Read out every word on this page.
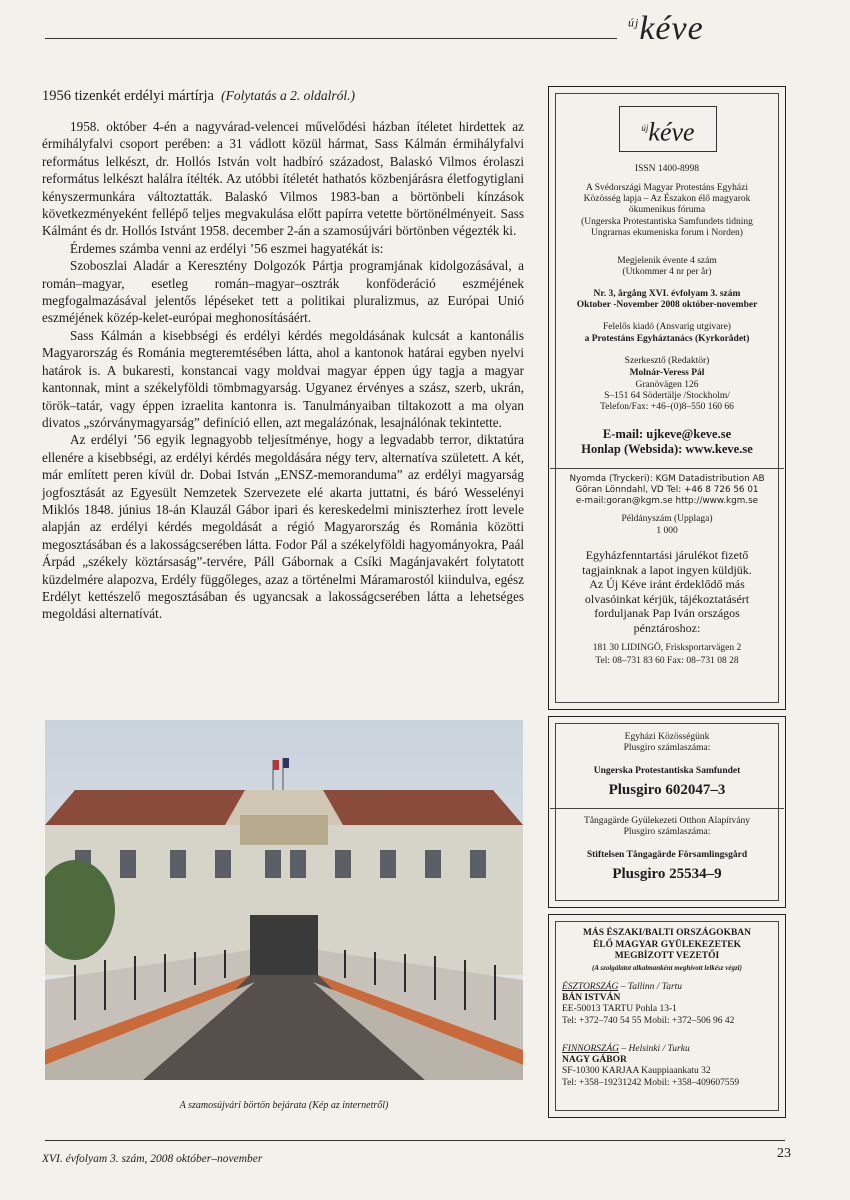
$^{új}$kéve
1956 tizenkét erdélyi mártírja (Folytatás a 2. oldalról.)

1958. október 4-én a nagyvárad-velencei művelődési házban ítéletet hirdettek az érmihályfalvi csoport perében: a 31 vádlott közül hármat, Sass Kálmán érmihályfalvi református lelkészt, dr. Hollós István volt hadbíró századost, Balaskó Vilmos érolaszi református lelkészt halálra ítélték. Az utóbbi ítéletét hathatós közbenjárásra életfogytiglani kényszermunkára változtatták. Balaskó Vilmos 1983-ban a börtönbeli kínzások következményeként fellépő teljes megvakulása előtt papírra vetette börtönélményeit. Sass Kálmánt és dr. Hollós Istvánt 1958. december 2-án a szamosújvári börtönben végezték ki.

Érdemes számba venni az erdélyi ’56 eszmei hagyatékát is:

Szoboszlai Aladár a Keresztény Dolgozók Pártja programjának kidolgozásával, a román–magyar, esetleg román–magyar–osztrák konföderáció eszméjének megfogalmazásával jelentős lépéseket tett a politikai pluralizmus, az Európai Unió eszméjének közép-kelet-európai meghonosításáért.

Sass Kálmán a kisebbségi és erdélyi kérdés megoldásának kulcsát a kantonális Magyarország és Románia megteremtésében látta, ahol a kantonok határai egyben nyelvi határok is. A bukaresti, konstancai vagy moldvai magyar éppen úgy tagja a magyar kantonnak, mint a székelyföldi tömbmagyarság. Ugyanez érvényes a szász, szerb, ukrán, török–tatár, vagy éppen izraelita kantonra is. Tanulmányaiban tiltakozott a ma olyan divatos „szórványmagyarság” definíció ellen, azt megalázónak, lesajnálónak tekintette.

Az erdélyi ’56 egyik legnagyobb teljesítménye, hogy a legvadabb terror, diktatúra ellenére a kisebbségi, az erdélyi kérdés megoldására négy terv, alternatíva született. A két, már említett peren kívül dr. Dobai István „ENSZ-memoranduma” az erdélyi magyarság jogfosztását az Egyesült Nemzetek Szervezete elé akarta juttatni, és báró Wesselényi Miklós 1848. június 18-án Klauzál Gábor ipari és kereskedelmi miniszterhez írott levele alapján az erdélyi kérdés megoldását a régió Magyarország és Románia közötti megosztásában és a lakosságcserében látta. Fodor Pál a székelyföldi hagyományokra, Paál Árpád „székely köztársaság”-tervére, Páll Gábornak a Csíki Magánjavakért folytatott küzdelmére alapozva, Erdély függőleges, azaz a történelmi Máramarostól kiindulva, egész Erdélyt kettészelő megosztásában és ugyancsak a lakosságcserében látta a lehetséges megoldási alternatívát.

A szamosújvári börtön bejárata (Kép az internetről)
$^{új}$kéve
ISSN 1400-8998
A Svédországi Magyar Protestáns Egyházi
Közösség lapja – Az Északon élő magyarok
ökumenikus fóruma
(Ungerska Protestantiska Samfundets tidning
Ungrarnas ekumeniska forum i Norden)
Megjelenik évente 4 szám
(Utkommer 4 nr per år)
Nr. 3, årgång XVI. évfolyam 3. szám
Oktober -November 2008 október-november
Felelős kiadó (Ansvarig utgivare)
a Protestáns Egyháztanács (Kyrkorådet)
Szerkesztő (Redaktör)
Molnár-Veress Pál
Granövägen 126
S–151 64 Södertälje /Stockholm/
Telefon/Fax: +46–(0)8–550 160 66
E-mail: ujkeve@keve.se
Honlap (Websida): www.keve.se
Nyomda (Tryckeri): KGM Datadistribution AB
Göran Lönndahl, VD Tel: +46 8 726 56 01
e-mail:goran@kgm.se http://www.kgm.se
Példányszám (Upplaga)
1 000
Egyházfenntartási járulékot fizető
tagjainknak a lapot ingyen küldjük.
Az Új Kéve iránt érdeklődő más
olvasóinkat kérjük, tájékoztatásért
forduljanak Pap Iván országos
pénztároshoz:
181 30 LIDINGÖ, Frisksportarvägen 2
Tel: 08–731 83 60 Fax: 08–731 08 28
Egyházi Közösségünk
Plusgiro számlaszáma:
Ungerska Protestantiska Samfundet
Plusgiro 602047–3
Tångagärde Gyülekezeti Otthon Alapítvány
Plusgiro számlaszáma:
Stiftelsen Tångagärde Församlingsgård
Plusgiro 25534–9
MÁS ÉSZAKI/BALTI ORSZÁGOKBAN
ÉLŐ MAGYAR GYÜLEKEZETEK
MEGBÍZOTT VEZETŐI
(A szolgálatot alkalmanként meghívott lelkész végzi)
ÉSZTORSZÁG – Tallinn / Tartu
BÁN ISTVÁN
EE-50013 TARTU Pohla 13-1
Tel: +372–740 54 55 Mobil: +372–506 96 42
FINNORSZÁG – Helsinki / Turku
NAGY GÁBOR
SF-10300 KARJAA Kauppiaankatu 32
Tel: +358–19231242 Mobil: +358–409607559
XVI. évfolyam 3. szám, 2008 október–november	23
